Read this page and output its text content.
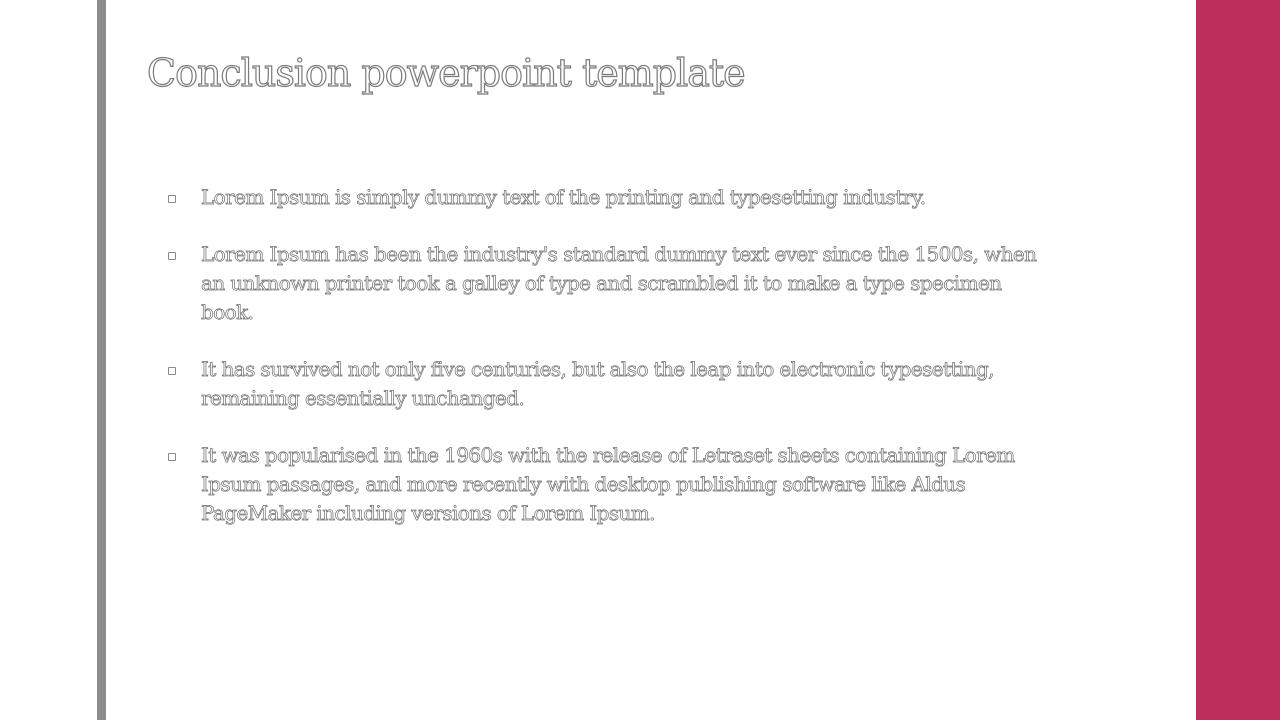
Conclusion powerpoint template
Lorem Ipsum is simply dummy text of the printing and typesetting industry.
Lorem Ipsum has been the industry's standard dummy text ever since the 1500s, when an unknown printer took a galley of type and scrambled it to make a type specimen book.
It has survived not only five centuries, but also the leap into electronic typesetting, remaining essentially unchanged.
It was popularised in the 1960s with the release of Letraset sheets containing Lorem Ipsum passages, and more recently with desktop publishing software like Aldus PageMaker including versions of Lorem Ipsum.
